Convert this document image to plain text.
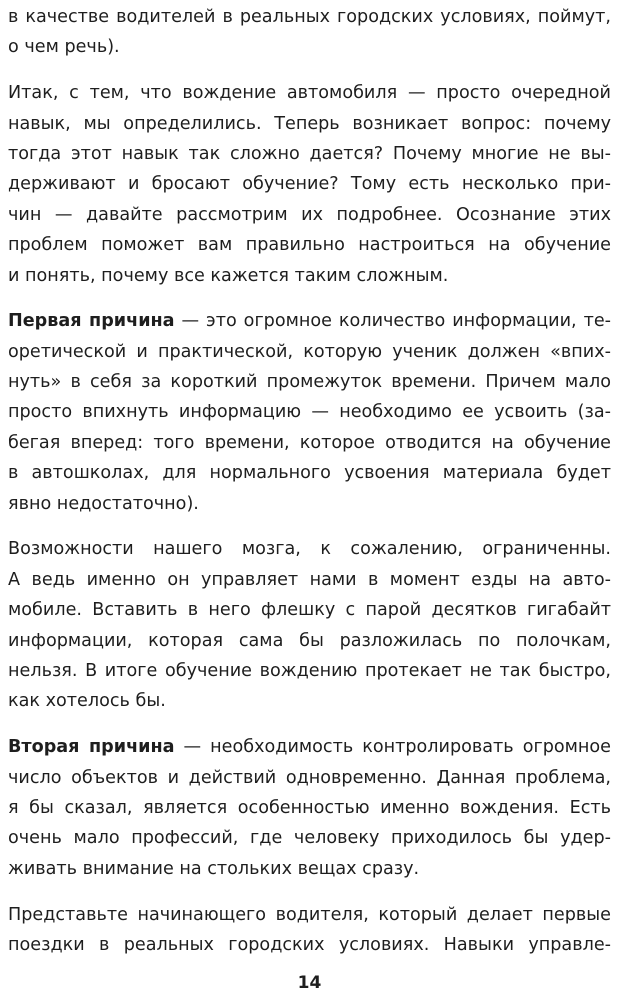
в качестве водителей в реальных городских условиях, поймут,
о чем речь).
Итак, с тем, что вождение автомобиля — просто очередной
навык, мы определились. Теперь возникает вопрос: почему
тогда этот навык так сложно дается? Почему многие не вы-
держивают и бросают обучение? Тому есть несколько при-
чин — давайте рассмотрим их подробнее. Осознание этих
проблем поможет вам правильно настроиться на обучение
и понять, почему все кажется таким сложным.
Первая причина — это огромное количество информации, те-
оретической и практической, которую ученик должен «впих-
нуть» в себя за короткий промежуток времени. Причем мало
просто впихнуть информацию — необходимо ее усвоить (за-
бегая вперед: того времени, которое отводится на обучение
в автошколах, для нормального усвоения материала будет
явно недостаточно).
Возможности нашего мозга, к сожалению, ограниченны.
А ведь именно он управляет нами в момент езды на авто-
мобиле. Вставить в него флешку с парой десятков гигабайт
информации, которая сама бы разложилась по полочкам,
нельзя. В итоге обучение вождению протекает не так быстро,
как хотелось бы.
Вторая причина — необходимость контролировать огромное
число объектов и действий одновременно. Данная проблема,
я бы сказал, является особенностью именно вождения. Есть
очень мало профессий, где человеку приходилось бы удер-
живать внимание на стольких вещах сразу.
Представьте начинающего водителя, который делает первые
поездки в реальных городских условиях. Навыки управле-
14
